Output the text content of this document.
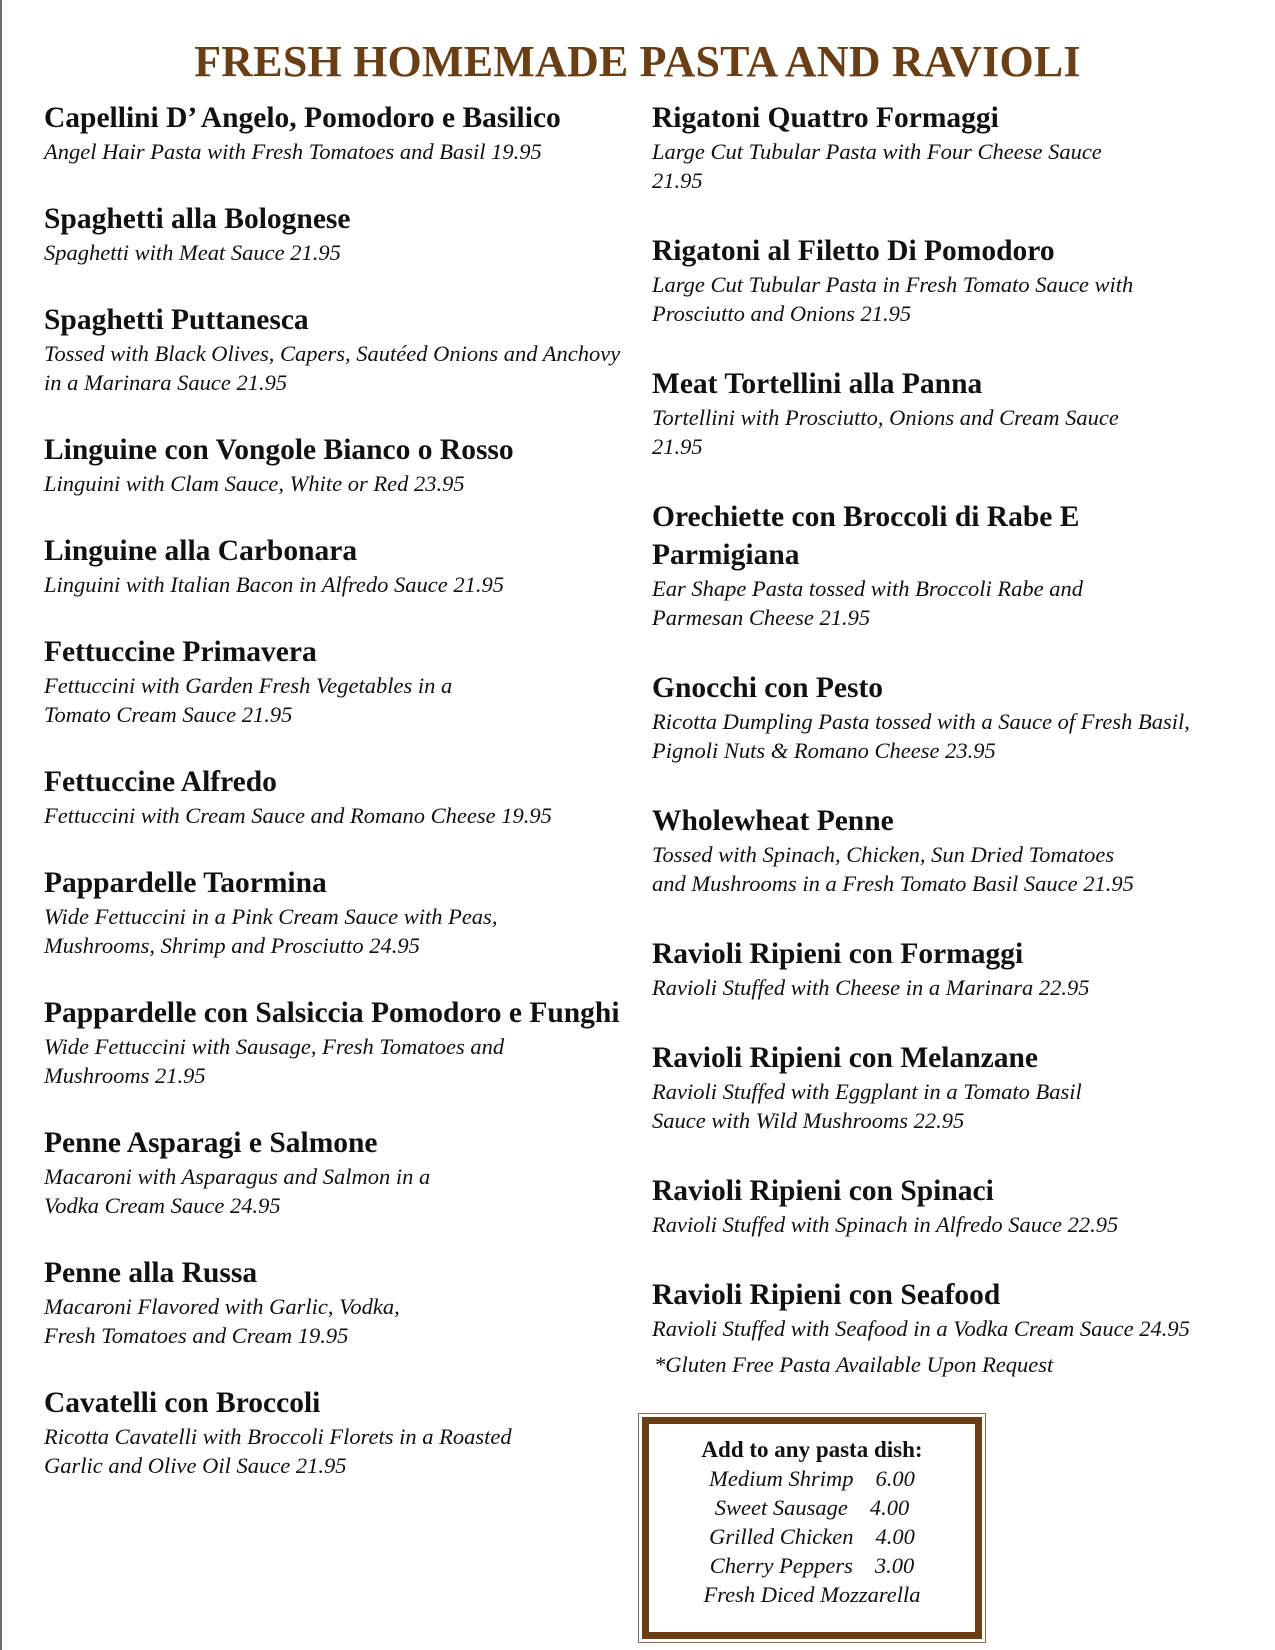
FRESH HOMEMADE PASTA AND RAVIOLI
Capellini D’ Angelo, Pomodoro e Basilico
Angel Hair Pasta with Fresh Tomatoes and Basil 19.95
Spaghetti alla Bolognese
Spaghetti with Meat Sauce 21.95
Spaghetti Puttanesca
Tossed with Black Olives, Capers, Sautéed Onions and Anchovy in a Marinara Sauce 21.95
Linguine con Vongole Bianco o Rosso
Linguini with Clam Sauce, White or Red 23.95
Linguine alla Carbonara
Linguini with Italian Bacon in Alfredo Sauce 21.95
Fettuccine Primavera
Fettuccini with Garden Fresh Vegetables in a Tomato Cream Sauce 21.95
Fettuccine Alfredo
Fettuccini with Cream Sauce and Romano Cheese 19.95
Pappardelle Taormina
Wide Fettuccini in a Pink Cream Sauce with Peas, Mushrooms, Shrimp and Prosciutto 24.95
Pappardelle con Salsiccia Pomodoro e Funghi
Wide Fettuccini with Sausage, Fresh Tomatoes and Mushrooms 21.95
Penne Asparagi e Salmone
Macaroni with Asparagus and Salmon in a Vodka Cream Sauce 24.95
Penne alla Russa
Macaroni Flavored with Garlic, Vodka, Fresh Tomatoes and Cream 19.95
Cavatelli con Broccoli
Ricotta Cavatelli with Broccoli Florets in a Roasted Garlic and Olive Oil Sauce 21.95
Rigatoni Quattro Formaggi
Large Cut Tubular Pasta with Four Cheese Sauce 21.95
Rigatoni al Filetto Di Pomodoro
Large Cut Tubular Pasta in Fresh Tomato Sauce with Prosciutto and Onions 21.95
Meat Tortellini alla Panna
Tortellini with Prosciutto, Onions and Cream Sauce 21.95
Orechiette con Broccoli di Rabe E Parmigiana
Ear Shape Pasta tossed with Broccoli Rabe and Parmesan Cheese 21.95
Gnocchi con Pesto
Ricotta Dumpling Pasta tossed with a Sauce of Fresh Basil, Pignoli Nuts & Romano Cheese 23.95
Wholewheat Penne
Tossed with Spinach, Chicken, Sun Dried Tomatoes and Mushrooms in a Fresh Tomato Basil Sauce 21.95
Ravioli Ripieni con Formaggi
Ravioli Stuffed with Cheese in a Marinara 22.95
Ravioli Ripieni con Melanzane
Ravioli Stuffed with Eggplant in a Tomato Basil Sauce with Wild Mushrooms 22.95
Ravioli Ripieni con Spinaci
Ravioli Stuffed with Spinach in Alfredo Sauce 22.95
Ravioli Ripieni con Seafood
Ravioli Stuffed with Seafood in a Vodka Cream Sauce 24.95

*Gluten Free Pasta Available Upon Request

Add to any pasta dish:

Medium Shrimp 6.00

Sweet Sausage 4.00

Grilled Chicken 4.00

Cherry Peppers 3.00

Fresh Diced Mozzarella
